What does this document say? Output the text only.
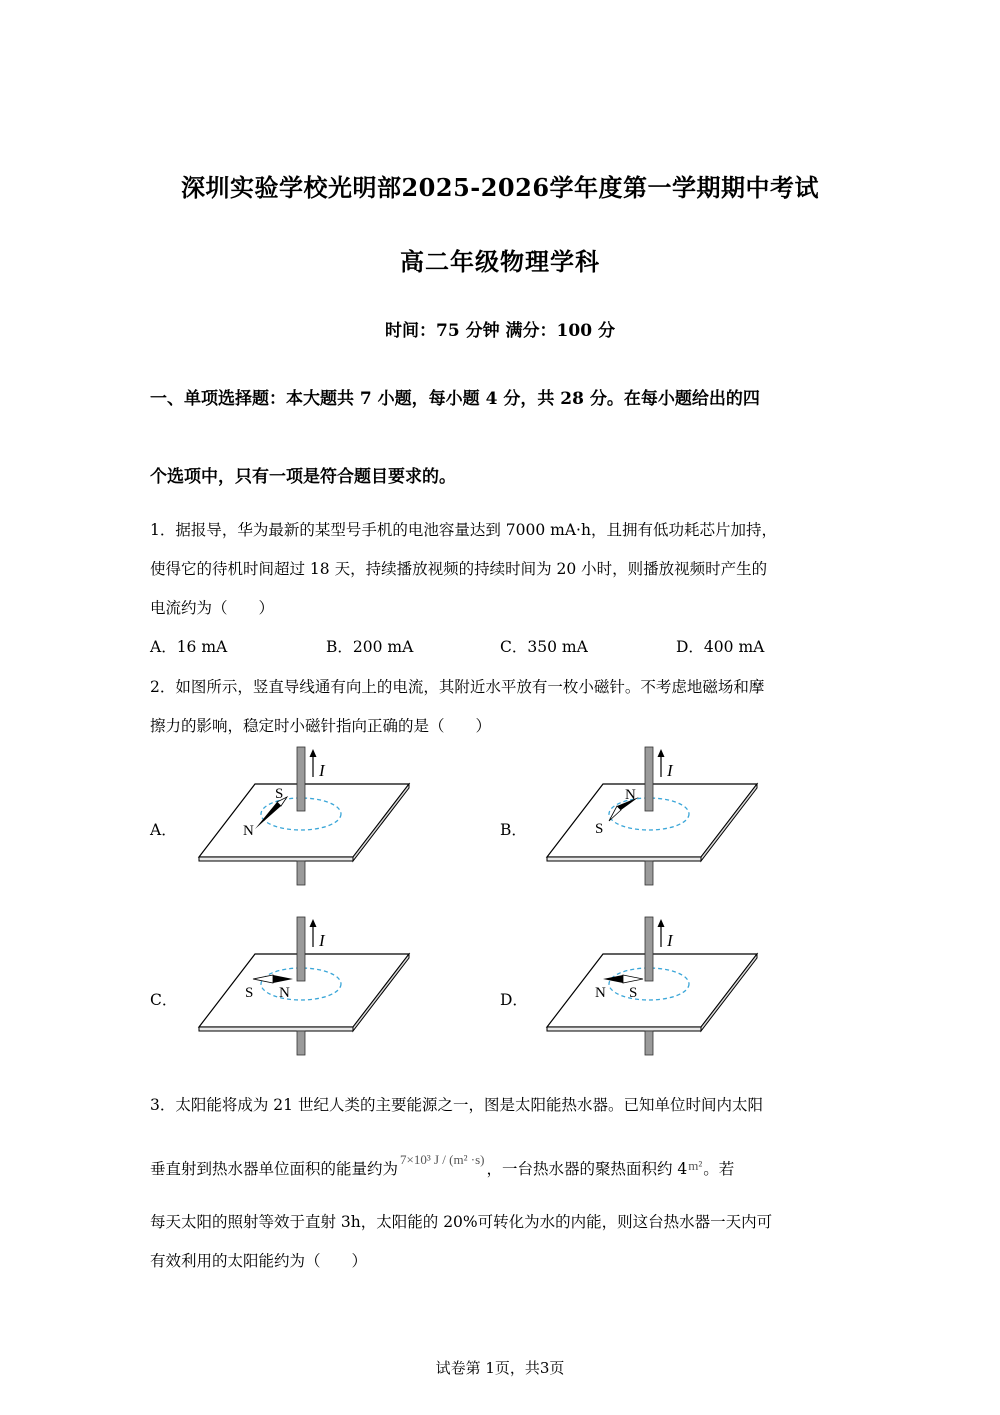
深圳实验学校光明部2025-2026学年度第一学期期中考试
高二年级物理学科
时间：75 分钟 满分：100 分
一、单项选择题：本大题共 7 小题，每小题 4 分，共 28 分。在每小题给出的四
个选项中，只有一项是符合题目要求的。
1．据报导，华为最新的某型号手机的电池容量达到 7000 mA·h，且拥有低功耗芯片加持，
使得它的待机时间超过 18 天，持续播放视频的持续时间为 20 小时，则播放视频时产生的
电流约为（　　）
A．16 mA	B．200 mA	C．350 mA	D．400 mA
2．如图所示，竖直导线通有向上的电流，其附近水平放有一枚小磁针。不考虑地磁场和摩
擦力的影响，稳定时小磁针指向正确的是（　　）
A．	B．
C．	D．
I
S
N
I
N
S
I
S N
I
N S
3．太阳能将成为 21 世纪人类的主要能源之一，图是太阳能热水器。已知单位时间内太阳
垂直射到热水器单位面积的能量约为$^{7\times 10^3 J / (m^2 \cdot s)}$，一台热水器的聚热面积约 $4^{m^2}$。若
每天太阳的照射等效于直射 3h，太阳能的 20%可转化为水的内能，则这台热水器一天内可
有效利用的太阳能约为（　　）
试卷第 1页，共3页
